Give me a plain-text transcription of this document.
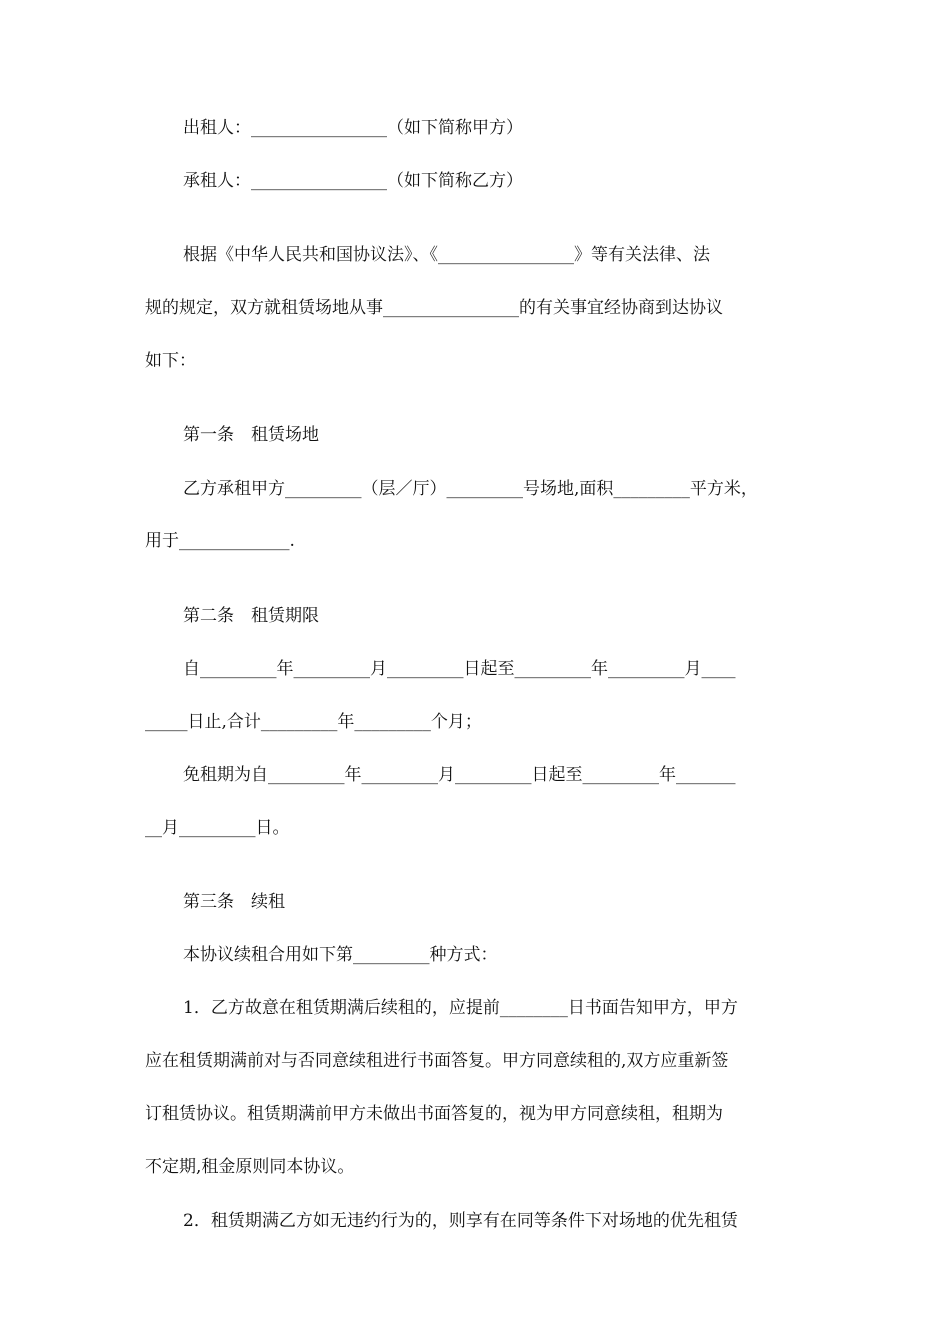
出租人：________________（如下简称甲方）
承租人：________________（如下简称乙方）
根据《中华人民共和国协议法》、《________________》等有关法律、法
规的规定，双方就租赁场地从事________________的有关事宜经协商到达协议
如下：
第一条　租赁场地
乙方承租甲方_________（层／厅）_________号场地,面积_________平方米，
用于_____________.
第二条　租赁期限
自_________年_________月_________日起至_________年_________月____
_____日止,合计_________年_________个月；
免租期为自_________年_________月_________日起至_________年_______
__月_________日。
第三条　续租
本协议续租合用如下第_________种方式：
1．乙方故意在租赁期满后续租的，应提前________日书面告知甲方，甲方
应在租赁期满前对与否同意续租进行书面答复。甲方同意续租的,双方应重新签
订租赁协议。租赁期满前甲方未做出书面答复的，视为甲方同意续租，租期为
不定期,租金原则同本协议。
2．租赁期满乙方如无违约行为的，则享有在同等条件下对场地的优先租赁
